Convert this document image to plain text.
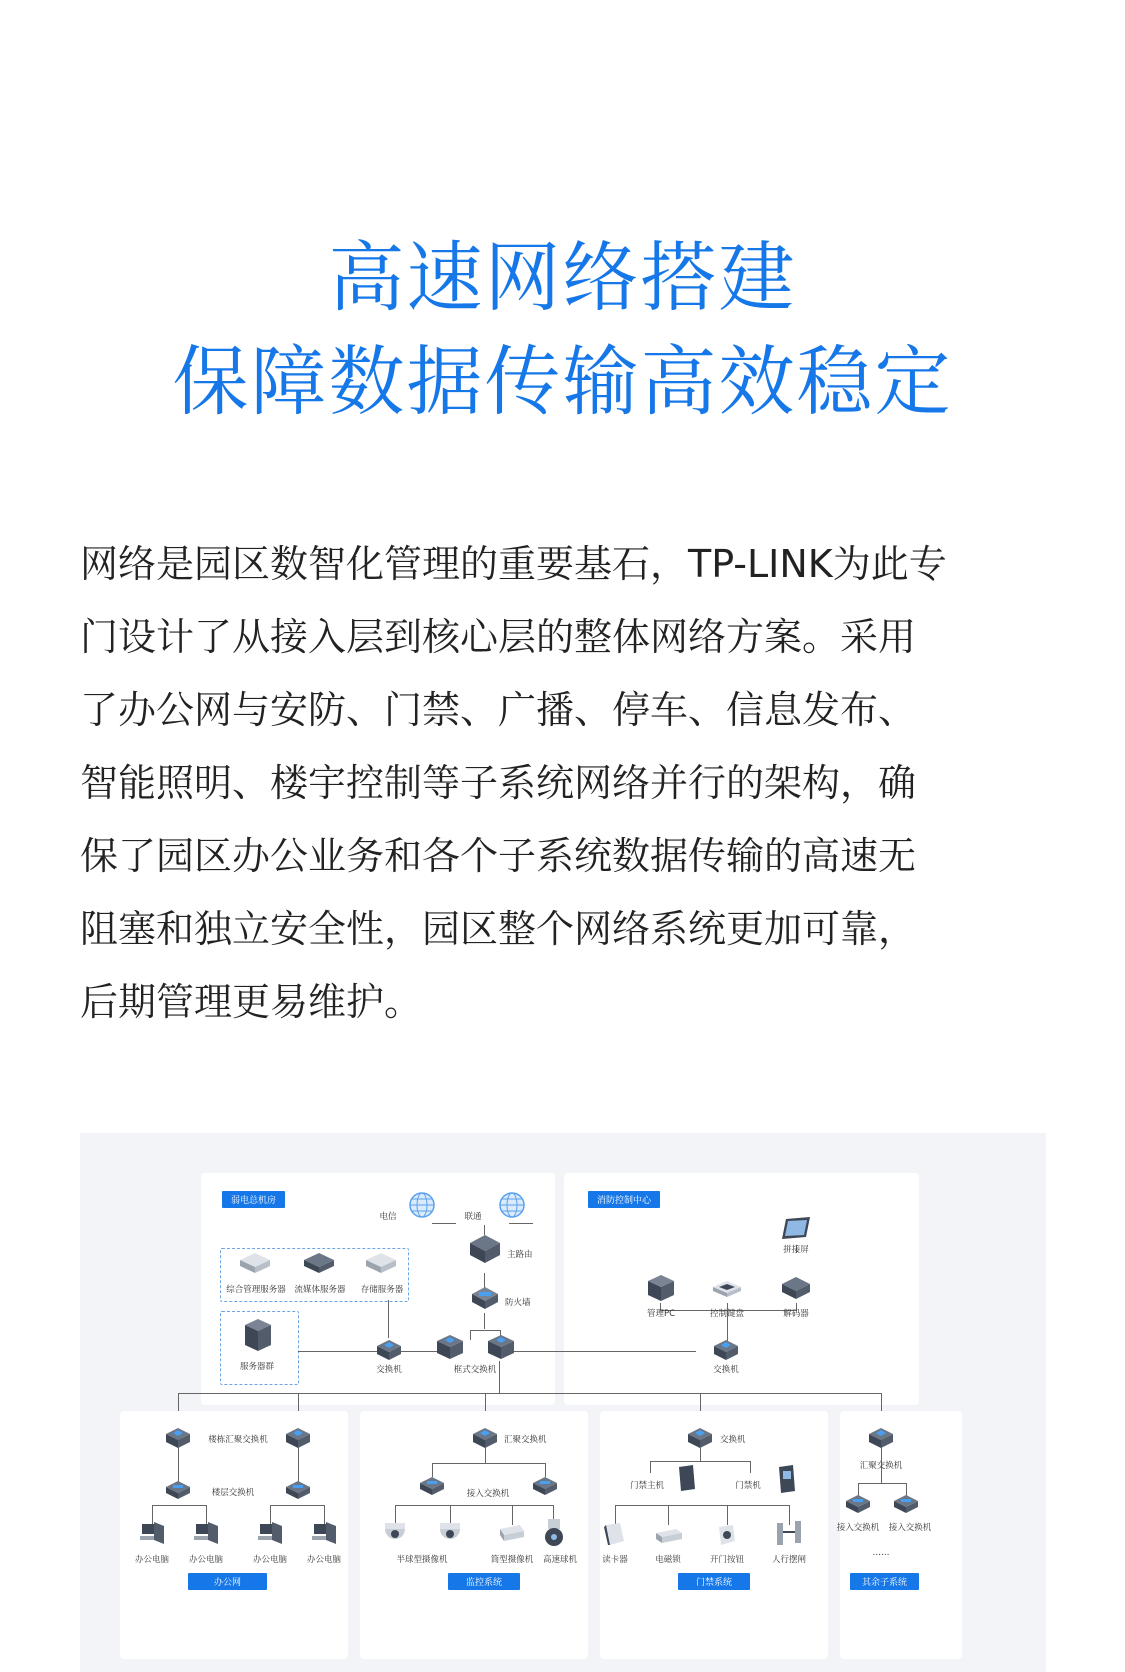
高速网络搭建
保障数据传输高效稳定
网络是园区数智化管理的重要基石，TP-LINK为此专
门设计了从接入层到核心层的整体网络方案。采用
了办公网与安防、门禁、广播、停车、信息发布、
智能照明、楼宇控制等子系统网络并行的架构，确
保了园区办公业务和各个子系统数据传输的高速无
阻塞和独立安全性，园区整个网络系统更加可靠，
后期管理更易维护。
弱电总机房	消防控制中心
电信	联通
主路由
防火墙
综合管理服务器 流媒体服务器 存储服务器
服务器群	交换机	框式交换机
拼接屏
管理PC	控制键盘	解码器
交换机
楼栋汇聚交换机
楼层交换机
办公电脑 办公电脑	办公电脑 办公电脑
办公网
汇聚交换机
接入交换机
半球型摄像机	筒型摄像机 高速球机
监控系统
交换机
门禁主机	门禁机
读卡器	电磁锁	开门按钮	人行摆闸
门禁系统
汇聚交换机
接入交换机 接入交换机
……
其余子系统
